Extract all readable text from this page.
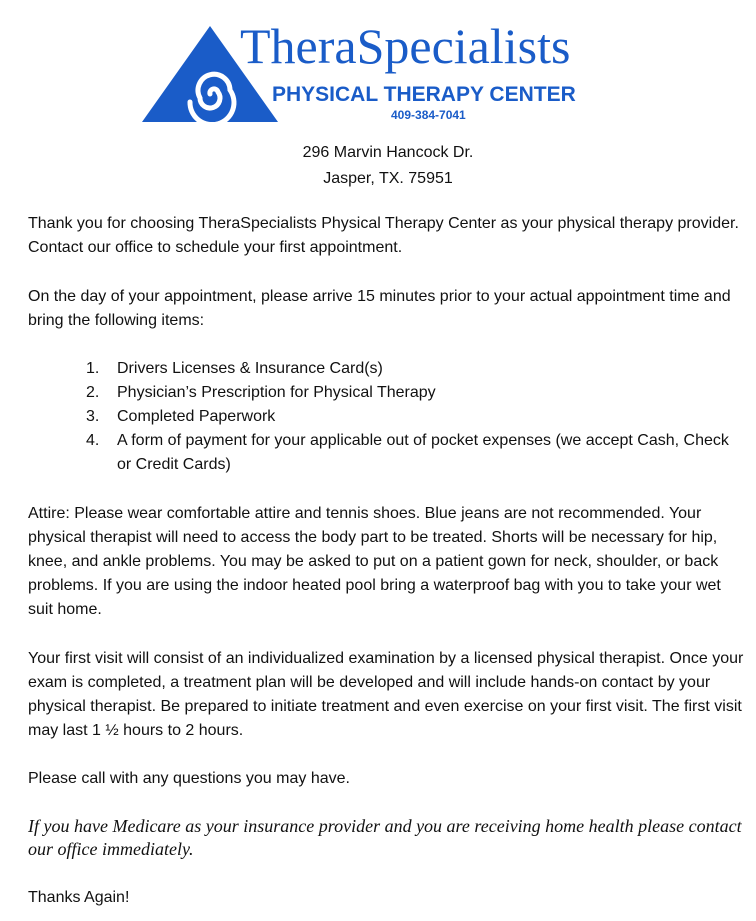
TheraSpecialists
PHYSICAL THERAPY CENTER
409-384-7041
296 Marvin Hancock Dr.
Jasper, TX. 75951

Thank you for choosing TheraSpecialists Physical Therapy Center as your physical therapy provider. Contact our office to schedule your first appointment.

On the day of your appointment, please arrive 15 minutes prior to your actual appointment time and bring the following items:

1. Drivers Licenses & Insurance Card(s)
2. Physician’s Prescription for Physical Therapy
3. Completed Paperwork
4. A form of payment for your applicable out of pocket expenses (we accept Cash, Check or Credit Cards)

Attire: Please wear comfortable attire and tennis shoes. Blue jeans are not recommended. Your physical therapist will need to access the body part to be treated. Shorts will be necessary for hip, knee, and ankle problems. You may be asked to put on a patient gown for neck, shoulder, or back problems. If you are using the indoor heated pool bring a waterproof bag with you to take your wet suit home.

Your first visit will consist of an individualized examination by a licensed physical therapist. Once your exam is completed, a treatment plan will be developed and will include hands-on contact by your physical therapist. Be prepared to initiate treatment and even exercise on your first visit. The first visit may last 1 ½ hours to 2 hours.

Please call with any questions you may have.

If you have Medicare as your insurance provider and you are receiving home health please contact our office immediately.

Thanks Again!
